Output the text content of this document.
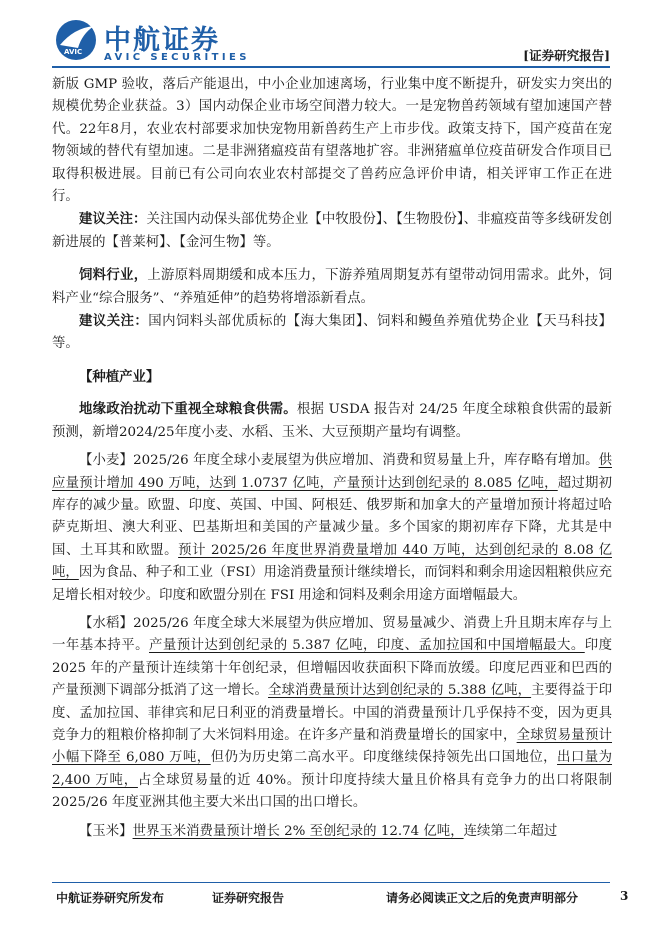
AVIC 中航证券
AVIC SECURITIES	[证券研究报告]

新版 GMP 验收，落后产能退出，中小企业加速离场，行业集中度不断提升，研发实力突出的规模优势企业获益。3）国内动保企业市场空间潜力较大。一是宠物兽药领域有望加速国产替代。22年8月，农业农村部要求加快宠物用新兽药生产上市步伐。政策支持下，国产疫苗在宠物领域的替代有望加速。二是非洲猪瘟疫苗有望落地扩容。非洲猪瘟单位疫苗研发合作项目已取得积极进展。目前已有公司向农业农村部提交了兽药应急评价申请，相关评审工作正在进行。

建议关注：关注国内动保头部优势企业【中牧股份】、【生物股份】、非瘟疫苗等多线研发创新进展的【普莱柯】、【金河生物】等。

饲料行业，上游原料周期缓和成本压力，下游养殖周期复苏有望带动饲用需求。此外，饲料产业“综合服务”、“养殖延伸”的趋势将增添新看点。

建议关注：国内饲料头部优质标的【海大集团】、饲料和鳗鱼养殖优势企业【天马科技】等。

【种植产业】

地缘政治扰动下重视全球粮食供需。根据 USDA 报告对 24/25 年度全球粮食供需的最新预测，新增2024/25年度小麦、水稻、玉米、大豆预期产量均有调整。

【小麦】2025/26 年度全球小麦展望为供应增加、消费和贸易量上升，库存略有增加。供应量预计增加 490 万吨，达到 1.0737 亿吨，产量预计达到创纪录的 8.085 亿吨，超过期初库存的减少量。欧盟、印度、英国、中国、阿根廷、俄罗斯和加拿大的产量增加预计将超过哈萨克斯坦、澳大利亚、巴基斯坦和美国的产量减少量。多个国家的期初库存下降，尤其是中国、土耳其和欧盟。预计 2025/26 年度世界消费量增加 440 万吨，达到创纪录的 8.08 亿吨，因为食品、种子和工业（FSI）用途消费量预计继续增长，而饲料和剩余用途因粗粮供应充足增长相对较少。印度和欧盟分别在 FSI 用途和饲料及剩余用途方面增幅最大。

【水稻】2025/26 年度全球大米展望为供应增加、贸易量减少、消费上升且期末库存与上一年基本持平。产量预计达到创纪录的 5.387 亿吨，印度、孟加拉国和中国增幅最大。印度 2025 年的产量预计连续第十年创纪录，但增幅因收获面积下降而放缓。印度尼西亚和巴西的产量预测下调部分抵消了这一增长。全球消费量预计达到创纪录的 5.388 亿吨，主要得益于印度、孟加拉国、菲律宾和尼日利亚的消费量增长。中国的消费量预计几乎保持不变，因为更具竞争力的粗粮价格抑制了大米饲料用途。在许多产量和消费量增长的国家中，全球贸易量预计小幅下降至 6,080 万吨，但仍为历史第二高水平。印度继续保持领先出口国地位，出口量为 2,400 万吨，占全球贸易量的近 40%。预计印度持续大量且价格具有竞争力的出口将限制 2025/26 年度亚洲其他主要大米出口国的出口增长。

【玉米】世界玉米消费量预计增长 2% 至创纪录的 12.74 亿吨，连续第二年超过

中航证券研究所发布	证券研究报告	请务必阅读正文之后的免责声明部分	3
